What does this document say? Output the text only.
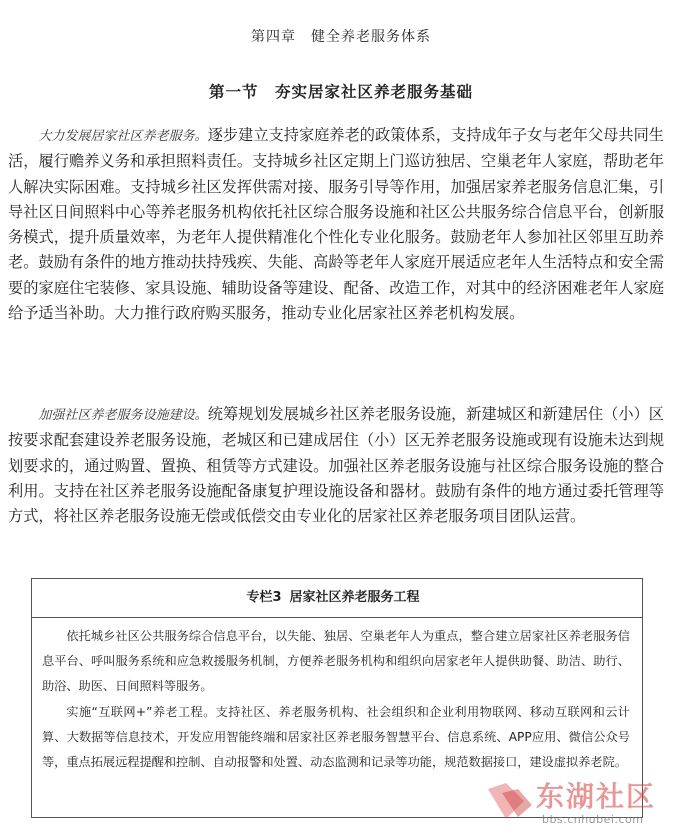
第四章　健全养老服务体系
第一节　夯实居家社区养老服务基础

大力发展居家社区养老服务。逐步建立支持家庭养老的政策体系，支持成年子女与老年父母共同生活，履行赡养义务和承担照料责任。支持城乡社区定期上门巡访独居、空巢老年人家庭，帮助老年人解决实际困难。支持城乡社区发挥供需对接、服务引导等作用，加强居家养老服务信息汇集，引导社区日间照料中心等养老服务机构依托社区综合服务设施和社区公共服务综合信息平台，创新服务模式，提升质量效率，为老年人提供精准化个性化专业化服务。鼓励老年人参加社区邻里互助养老。鼓励有条件的地方推动扶持残疾、失能、高龄等老年人家庭开展适应老年人生活特点和安全需要的家庭住宅装修、家具设施、辅助设备等建设、配备、改造工作，对其中的经济困难老年人家庭给予适当补助。大力推行政府购买服务，推动专业化居家社区养老机构发展。

加强社区养老服务设施建设。统筹规划发展城乡社区养老服务设施，新建城区和新建居住（小）区按要求配套建设养老服务设施，老城区和已建成居住（小）区无养老服务设施或现有设施未达到规划要求的，通过购置、置换、租赁等方式建设。加强社区养老服务设施与社区综合服务设施的整合利用。支持在社区养老服务设施配备康复护理设施设备和器材。鼓励有条件的地方通过委托管理等方式，将社区养老服务设施无偿或低偿交由专业化的居家社区养老服务项目团队运营。

专栏3 居家社区养老服务工程

依托城乡社区公共服务综合信息平台，以失能、独居、空巢老年人为重点，整合建立居家社区养老服务信息平台、呼叫服务系统和应急救援服务机制，方便养老服务机构和组织向居家老年人提供助餐、助洁、助行、助浴、助医、日间照料等服务。

实施“互联网+”养老工程。支持社区、养老服务机构、社会组织和企业利用物联网、移动互联网和云计算、大数据等信息技术，开发应用智能终端和居家社区养老服务智慧平台、信息系统、APP应用、微信公众号等，重点拓展远程提醒和控制、自动报警和处置、动态监测和记录等功能，规范数据接口，建设虚拟养老院。

东湖社区
bbs.cnhubei.com
